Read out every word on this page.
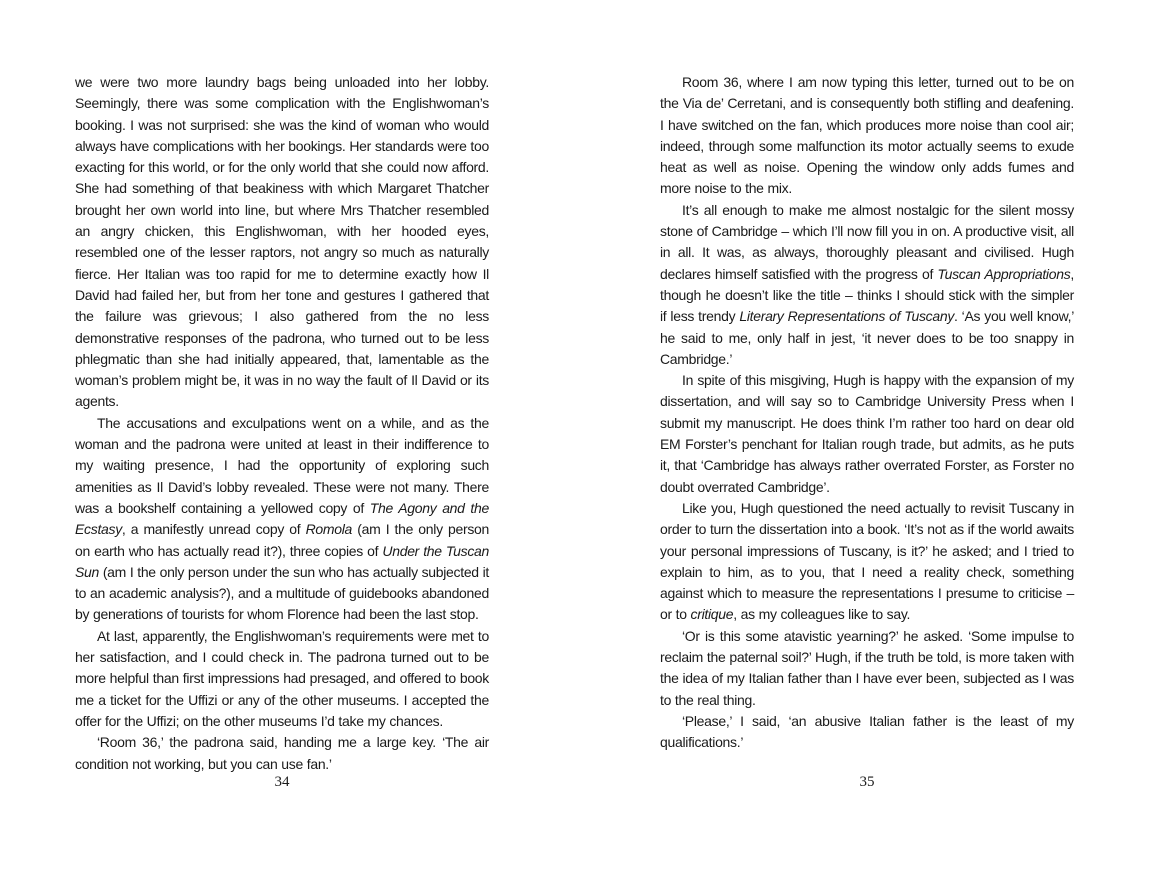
we were two more laundry bags being unloaded into her lobby. Seemingly, there was some complication with the Englishwoman’s booking. I was not surprised: she was the kind of woman who would always have complications with her bookings. Her standards were too exacting for this world, or for the only world that she could now afford. She had something of that beakiness with which Margaret Thatcher brought her own world into line, but where Mrs Thatcher resembled an angry chicken, this Englishwoman, with her hooded eyes, resembled one of the lesser raptors, not angry so much as naturally fierce. Her Italian was too rapid for me to determine exactly how Il David had failed her, but from her tone and gestures I gathered that the failure was grievous; I also gathered from the no less demonstrative responses of the padrona, who turned out to be less phlegmatic than she had initially appeared, that, lamentable as the woman’s problem might be, it was in no way the fault of Il David or its agents.

The accusations and exculpations went on a while, and as the woman and the padrona were united at least in their indifference to my waiting presence, I had the opportunity of exploring such amenities as Il David’s lobby revealed. These were not many. There was a bookshelf containing a yellowed copy of The Agony and the Ecstasy, a manifestly unread copy of Romola (am I the only person on earth who has actually read it?), three copies of Under the Tuscan Sun (am I the only person under the sun who has actually subjected it to an academic analysis?), and a multitude of guidebooks abandoned by generations of tourists for whom Florence had been the last stop.

At last, apparently, the Englishwoman’s requirements were met to her satisfaction, and I could check in. The padrona turned out to be more helpful than first impressions had presaged, and offered to book me a ticket for the Uffizi or any of the other museums. I accepted the offer for the Uffizi; on the other museums I’d take my chances.

‘Room 36,’ the padrona said, handing me a large key. ‘The air condition not working, but you can use fan.’

Room 36, where I am now typing this letter, turned out to be on the Via de’ Cerretani, and is consequently both stifling and deafening. I have switched on the fan, which produces more noise than cool air; indeed, through some malfunction its motor actually seems to exude heat as well as noise. Opening the window only adds fumes and more noise to the mix.

It’s all enough to make me almost nostalgic for the silent mossy stone of Cambridge – which I’ll now fill you in on. A productive visit, all in all. It was, as always, thoroughly pleasant and civilised. Hugh declares himself satisfied with the progress of Tuscan Appropriations, though he doesn’t like the title – thinks I should stick with the simpler if less trendy Literary Representations of Tuscany. ‘As you well know,’ he said to me, only half in jest, ‘it never does to be too snappy in Cambridge.’

In spite of this misgiving, Hugh is happy with the expansion of my dissertation, and will say so to Cambridge University Press when I submit my manuscript. He does think I’m rather too hard on dear old EM Forster’s penchant for Italian rough trade, but admits, as he puts it, that ‘Cambridge has always rather overrated Forster, as Forster no doubt overrated Cambridge’.

Like you, Hugh questioned the need actually to revisit Tuscany in order to turn the dissertation into a book. ‘It’s not as if the world awaits your personal impressions of Tuscany, is it?’ he asked; and I tried to explain to him, as to you, that I need a reality check, something against which to measure the representations I presume to criticise – or to critique, as my colleagues like to say.

‘Or is this some atavistic yearning?’ he asked. ‘Some impulse to reclaim the paternal soil?’ Hugh, if the truth be told, is more taken with the idea of my Italian father than I have ever been, subjected as I was to the real thing.

‘Please,’ I said, ‘an abusive Italian father is the least of my qualifications.’

34	35
